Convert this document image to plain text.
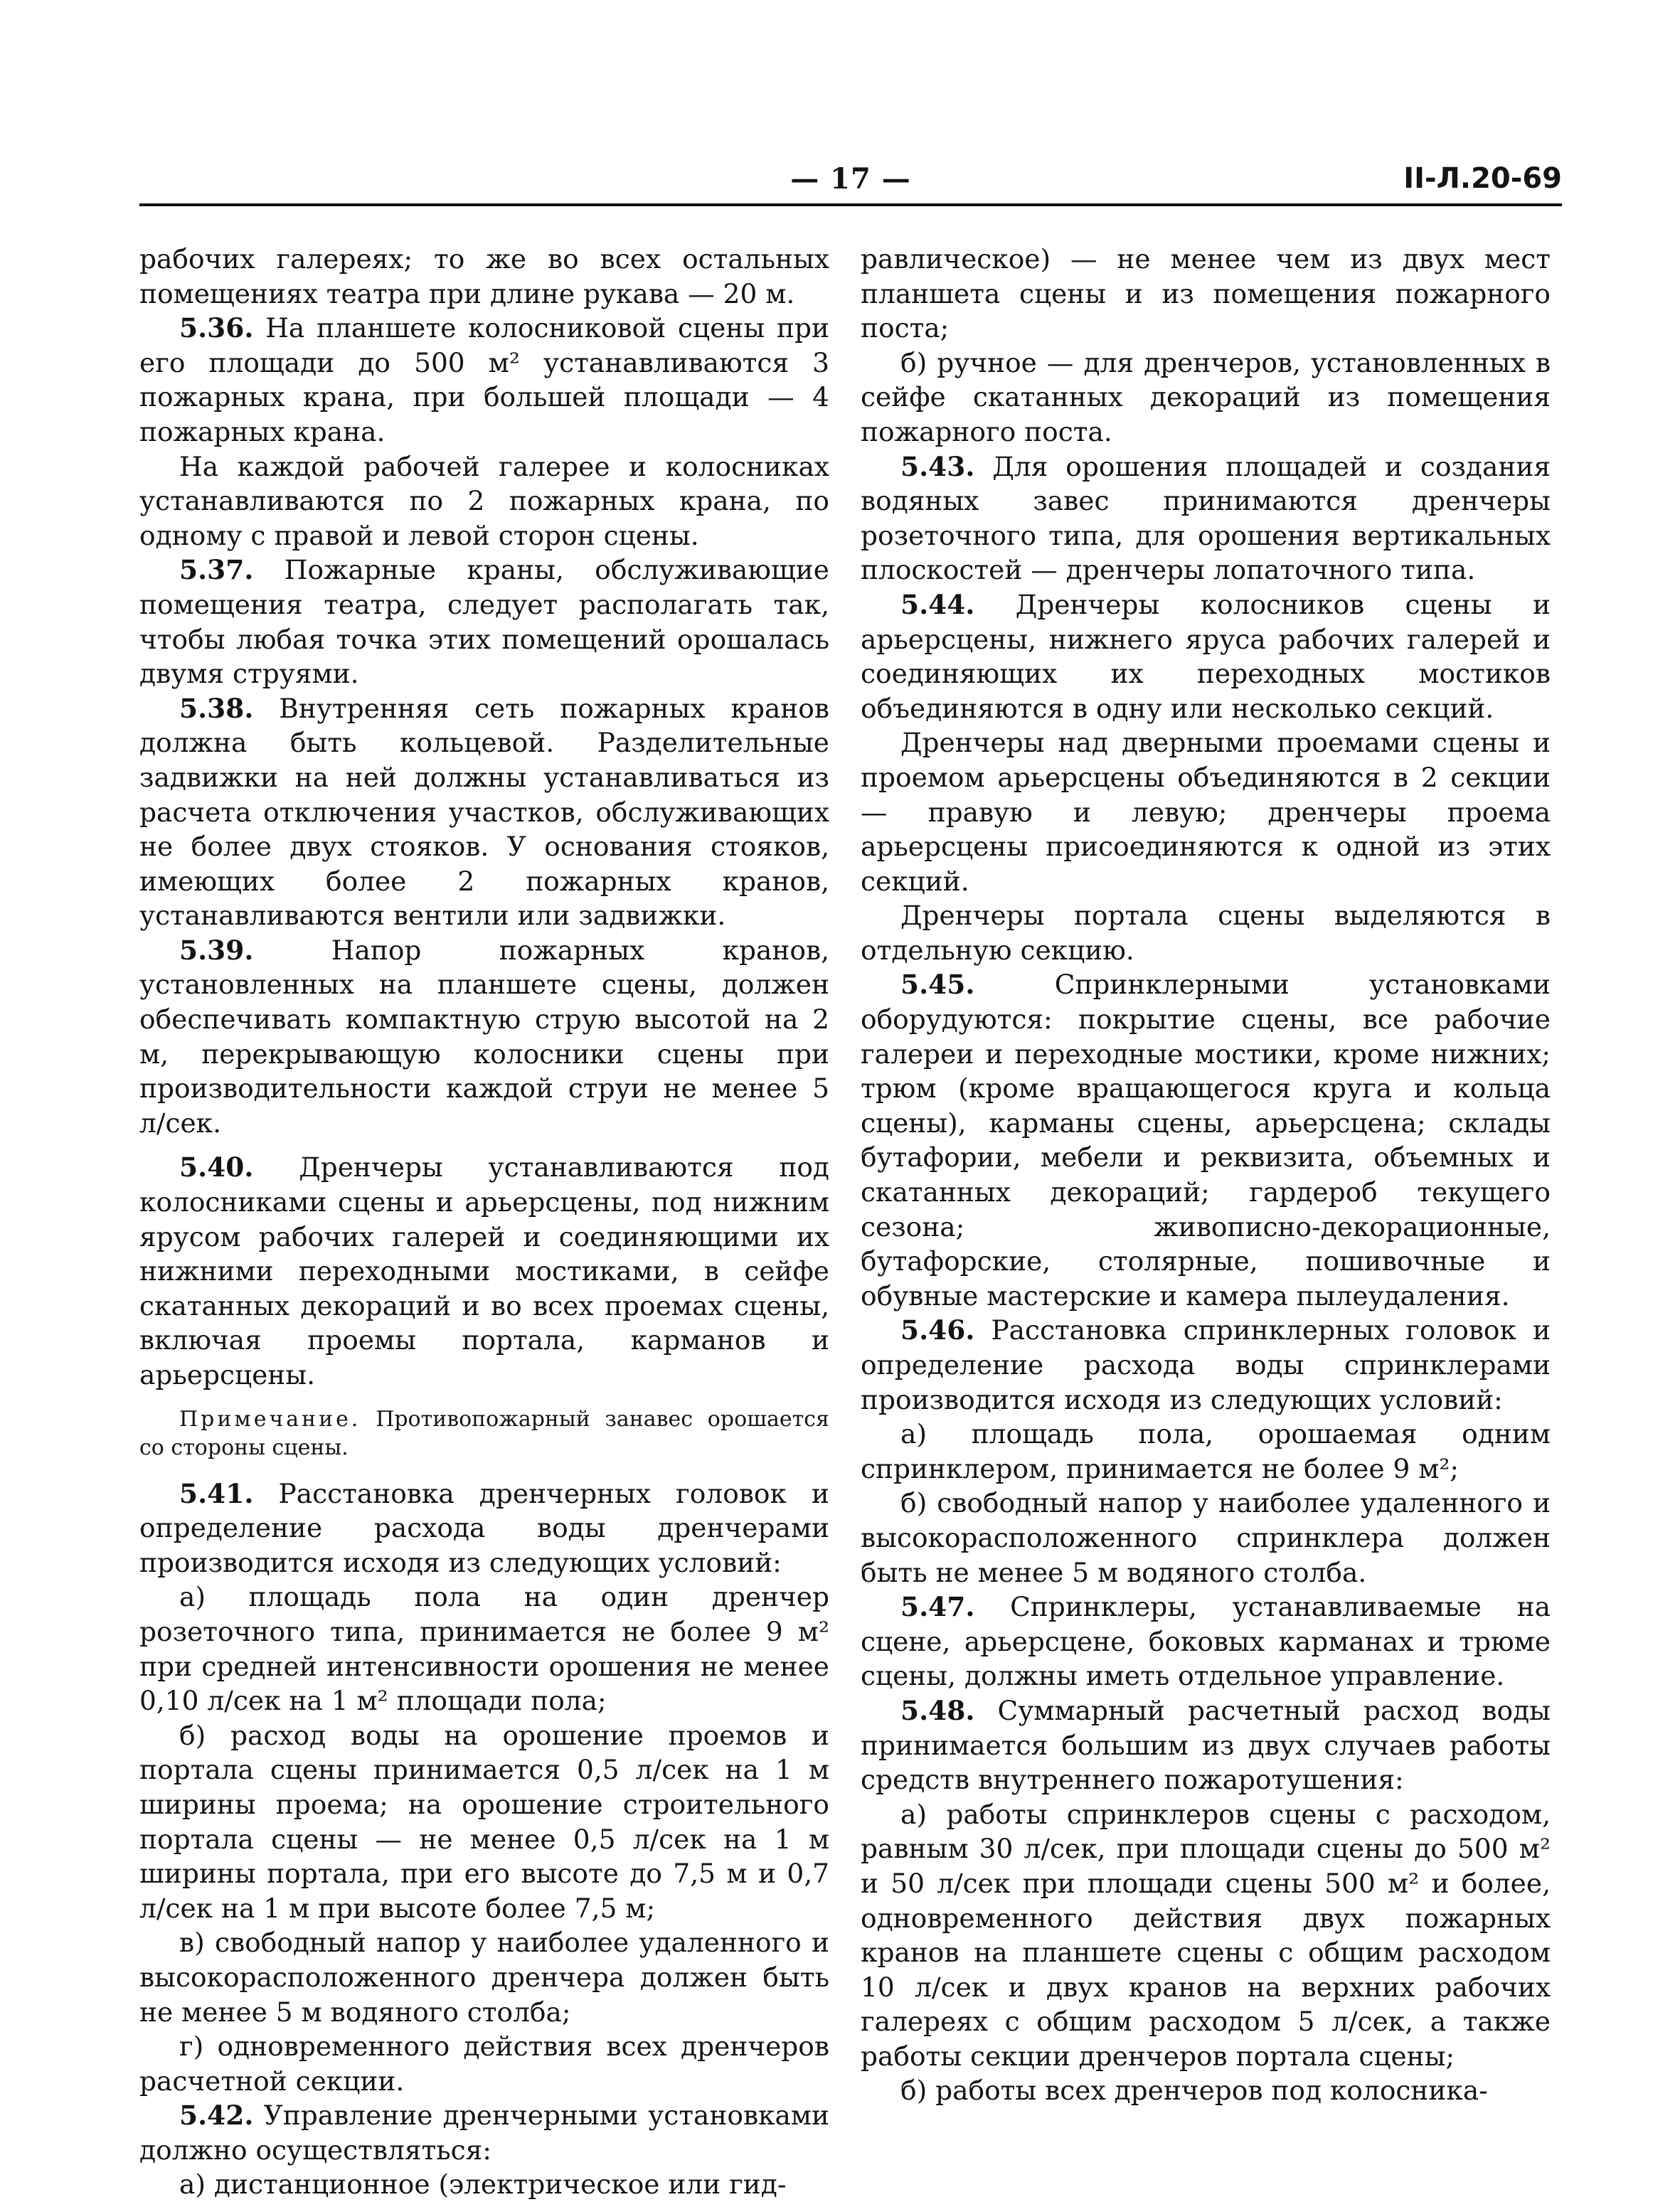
— 17 —	II-Л.20-69

рабочих галереях; то же во всех остальных помещениях театра при длине рукава — 20 м.

5.36. На планшете колосниковой сцены при его площади до 500 м² устанавливаются 3 пожарных крана, при большей площади — 4 пожарных крана.

На каждой рабочей галерее и колосниках устанавливаются по 2 пожарных крана, по одному с правой и левой сторон сцены.

5.37. Пожарные краны, обслуживающие помещения театра, следует располагать так, чтобы любая точка этих помещений орошалась двумя струями.

5.38. Внутренняя сеть пожарных кранов должна быть кольцевой. Разделительные задвижки на ней должны устанавливаться из расчета отключения участков, обслуживающих не более двух стояков. У основания стояков, имеющих более 2 пожарных кранов, устанавливаются вентили или задвижки.

5.39.	Напор пожарных кранов, установленных на планшете сцены, должен обеспечивать компактную струю высотой на 2 м, перекрывающую колосники сцены при производительности каждой струи не менее 5 л/сек.

5.40. Дренчеры устанавливаются под колосниками сцены и арьерсцены, под нижним ярусом рабочих галерей и соединяющими их нижними переходными мостиками, в сейфе скатанных декораций и во всех проемах сцены, включая проемы портала, карманов и арьерсцены.

Примечание. Противопожарный занавес орошается со стороны сцены.

5.41. Расстановка дренчерных головок и определение расхода воды дренчерами производится исходя из следующих условий:

а) площадь пола на один дренчер розеточного типа, принимается не более 9 м² при средней интенсивности орошения не менее 0,10 л/сек на 1 м² площади пола;

б) расход воды на орошение проемов и портала сцены принимается 0,5 л/сек на 1 м ширины проема; на орошение строительного портала сцены — не менее 0,5 л/сек на 1 м ширины портала, при его высоте до 7,5 м и 0,7 л/сек на 1 м при высоте более 7,5 м;

в) свободный напор у наиболее удаленного и высокорасположенного дренчера должен быть не менее 5 м водяного столба;

г) одновременного действия всех дренчеров расчетной секции.

5.42. Управление дренчерными установками должно осуществляться:

а) дистанционное (электрическое или гид-

равлическое) — не менее чем из двух мест планшета сцены и из помещения пожарного поста;

б) ручное — для дренчеров, установленных в сейфе скатанных декораций из помещения пожарного поста.

5.43. Для орошения площадей и создания водяных завес принимаются дренчеры розеточного типа, для орошения вертикальных плоскостей — дренчеры лопаточного типа.

5.44. Дренчеры колосников сцены и арьерсцены, нижнего яруса рабочих галерей и соединяющих их переходных мостиков объединяются в одну или несколько секций.

Дренчеры над дверными проемами сцены и проемом арьерсцены объединяются в 2 секции — правую и левую; дренчеры проема арьерсцены присоединяются к одной из этих секций.

Дренчеры портала сцены выделяются в отдельную секцию.

5.45.	Спринклерными установками оборудуются: покрытие сцены, все рабочие галереи и переходные мостики, кроме нижних; трюм (кроме вращающегося круга и кольца сцены), карманы сцены, арьерсцена; склады бутафории, мебели и реквизита, объемных и скатанных декораций; гардероб текущего сезона; живописно-декорационные, бутафорские, столярные, пошивочные и обувные мастерские и камера пылеудаления.

5.46. Расстановка спринклерных головок и определение расхода воды спринклерами производится исходя из следующих условий:

а) площадь пола, орошаемая одним спринклером, принимается не более 9 м²;

б) свободный напор у наиболее удаленного и высокорасположенного спринклера должен быть не менее 5 м водяного столба.

5.47. Спринклеры, устанавливаемые на сцене, арьерсцене, боковых карманах и трюме сцены, должны иметь отдельное управление.

5.48. Суммарный расчетный расход воды принимается большим из двух случаев работы средств внутреннего пожаротушения:

а) работы спринклеров сцены с расходом, равным 30 л/сек, при площади сцены до 500 м² и 50 л/сек при площади сцены 500 м² и более, одновременного действия двух пожарных кранов на планшете сцены с общим расходом 10 л/сек и двух кранов на верхних рабочих галереях с общим расходом 5 л/сек, а также работы секции дренчеров портала сцены;

б) работы всех дренчеров под колосника-
